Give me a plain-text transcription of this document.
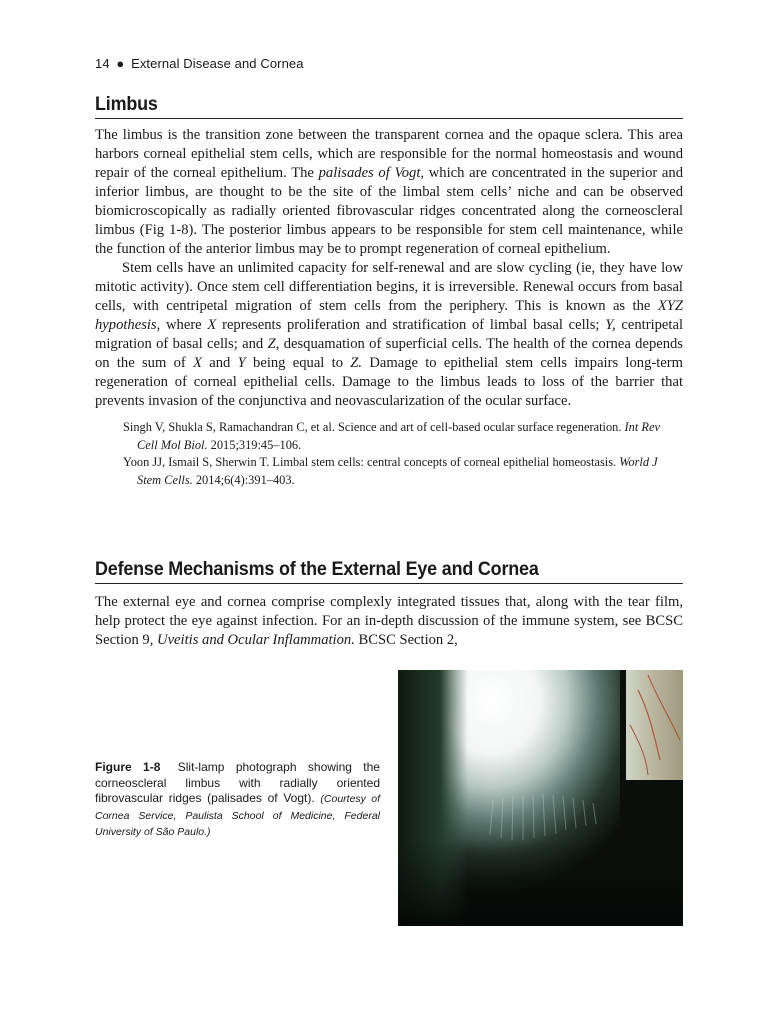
14 ● External Disease and Cornea
Limbus

The limbus is the transition zone between the transparent cornea and the opaque sclera. This area harbors corneal epithelial stem cells, which are responsible for the normal homeostasis and wound repair of the corneal epithelium. The palisades of Vogt, which are concentrated in the superior and inferior limbus, are thought to be the site of the limbal stem cells’ niche and can be observed biomicroscopically as radially oriented fibrovascular ridges concentrated along the corneoscleral limbus (Fig 1-8). The posterior limbus appears to be responsible for stem cell maintenance, while the function of the anterior limbus may be to prompt regeneration of corneal epithelium.

Stem cells have an unlimited capacity for self-renewal and are slow cycling (ie, they have low mitotic activity). Once stem cell differentiation begins, it is irreversible. Renewal occurs from basal cells, with centripetal migration of stem cells from the periphery. This is known as the XYZ hypothesis, where X represents proliferation and stratification of limbal basal cells; Y, centripetal migration of basal cells; and Z, desquamation of superficial cells. The health of the cornea depends on the sum of X and Y being equal to Z. Damage to epithelial stem cells impairs long-term regeneration of corneal epithelial cells. Damage to the limbus leads to loss of the barrier that prevents invasion of the conjunctiva and neovascularization of the ocular surface.

Singh V, Shukla S, Ramachandran C, et al. Science and art of cell-based ocular surface regeneration. Int Rev Cell Mol Biol. 2015;319:45–106.

Yoon JJ, Ismail S, Sherwin T. Limbal stem cells: central concepts of corneal epithelial homeostasis. World J Stem Cells. 2014;6(4):391–403.

Defense Mechanisms of the External Eye and Cornea

The external eye and cornea comprise complexly integrated tissues that, along with the tear film, help protect the eye against infection. For an in-depth discussion of the immune system, see BCSC Section 9, Uveitis and Ocular Inflammation. BCSC Section 2,

Figure 1-8 Slit-lamp photograph showing the corneoscleral limbus with radially oriented fibrovascular ridges (palisades of Vogt). (Courtesy of Cornea Service, Paulista School of Medicine, Federal University of São Paulo.)
